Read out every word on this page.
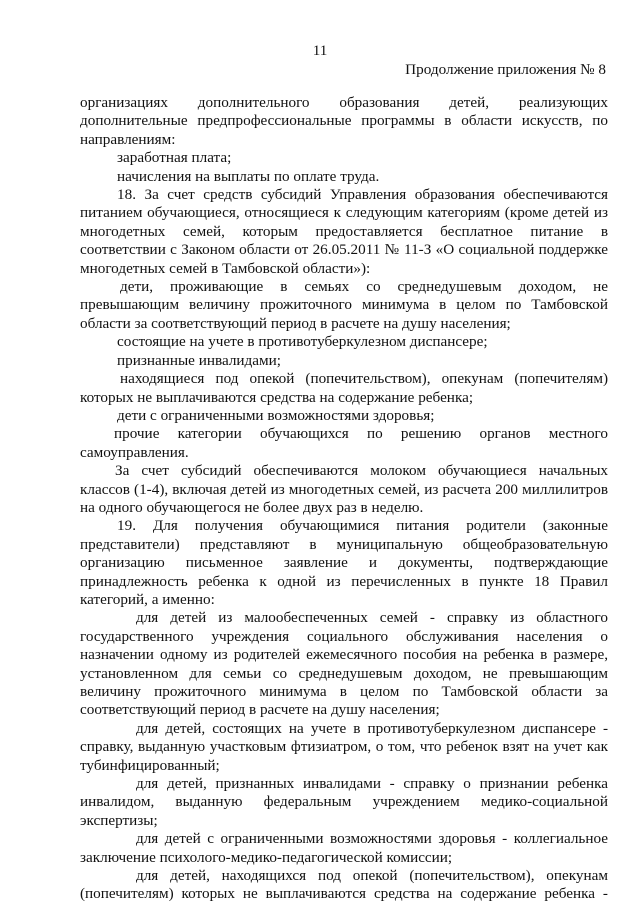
11
Продолжение приложения № 8

организациях дополнительного образования детей, реализующих дополнительные предпрофессиональные программы в области искусств, по направлениям:

заработная плата;

начисления на выплаты по оплате труда.

18. За счет средств субсидий Управления образования обеспечиваются питанием обучающиеся, относящиеся к следующим категориям (кроме детей из многодетных семей, которым предоставляется бесплатное питание в соответствии с Законом области от 26.05.2011 № 11-З «О социальной поддержке многодетных семей в Тамбовской области»):

дети, проживающие в семьях со среднедушевым доходом, не превышающим величину прожиточного минимума в целом по Тамбовской области за соответствующий период в расчете на душу населения;

состоящие на учете в противотуберкулезном диспансере;

признанные инвалидами;

находящиеся под опекой (попечительством), опекунам (попечителям) которых не выплачиваются средства на содержание ребенка;

дети с ограниченными возможностями здоровья;

прочие категории обучающихся по решению органов местного самоуправления.

За счет субсидий обеспечиваются молоком обучающиеся начальных классов (1-4), включая детей из многодетных семей, из расчета 200 миллилитров на одного обучающегося не более двух раз в неделю.

19. Для получения обучающимися питания родители (законные представители) представляют в муниципальную общеобразовательную организацию письменное заявление и документы, подтверждающие принадлежность ребенка к одной из перечисленных в пункте 18 Правил категорий, а именно:

для детей из малообеспеченных семей - справку из областного государственного учреждения социального обслуживания населения о назначении одному из родителей ежемесячного пособия на ребенка в размере, установленном для семьи со среднедушевым доходом, не превышающим величину прожиточного минимума в целом по Тамбовской области за соответствующий период в расчете на душу населения;

для детей, состоящих на учете в противотуберкулезном диспансере - справку, выданную участковым фтизиатром, о том, что ребенок взят на учет как тубинфицированный;

для детей, признанных инвалидами - справку о признании ребенка инвалидом, выданную федеральным учреждением медико-социальной экспертизы;

для детей с ограниченными возможностями здоровья - коллегиальное заключение психолого-медико-педагогической комиссии;

для детей, находящихся под опекой (попечительством), опекунам (попечителям) которых не выплачиваются средства на содержание ребенка -
